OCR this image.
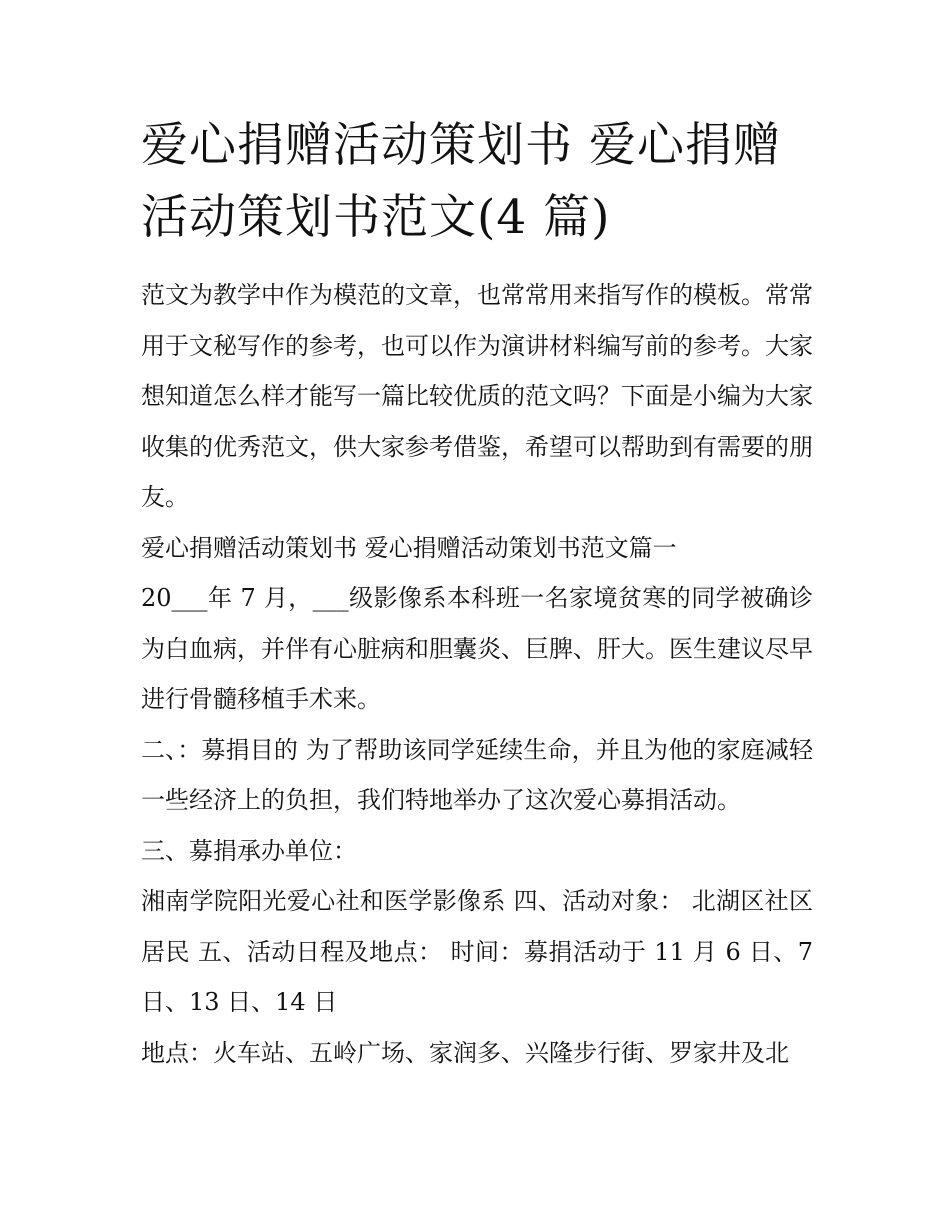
爱心捐赠活动策划书 爱心捐赠活动策划书范文(4 篇)

范文为教学中作为模范的文章，也常常用来指写作的模板。常常用于文秘写作的参考，也可以作为演讲材料编写前的参考。大家想知道怎么样才能写一篇比较优质的范文吗？下面是小编为大家收集的优秀范文，供大家参考借鉴，希望可以帮助到有需要的朋友。

爱心捐赠活动策划书 爱心捐赠活动策划书范文篇一

20___年 7 月，___级影像系本科班一名家境贫寒的同学被确诊为白血病，并伴有心脏病和胆囊炎、巨脾、肝大。医生建议尽早进行骨髓移植手术来。

二、：募捐目的 为了帮助该同学延续生命，并且为他的家庭减轻一些经济上的负担，我们特地举办了这次爱心募捐活动。

三、募捐承办单位：

湘南学院阳光爱心社和医学影像系 四、活动对象： 北湖区社区居民 五、活动日程及地点： 时间：募捐活动于 11 月 6 日、7 日、13 日、14 日

地点：火车站、五岭广场、家润多、兴隆步行街、罗家井及北
